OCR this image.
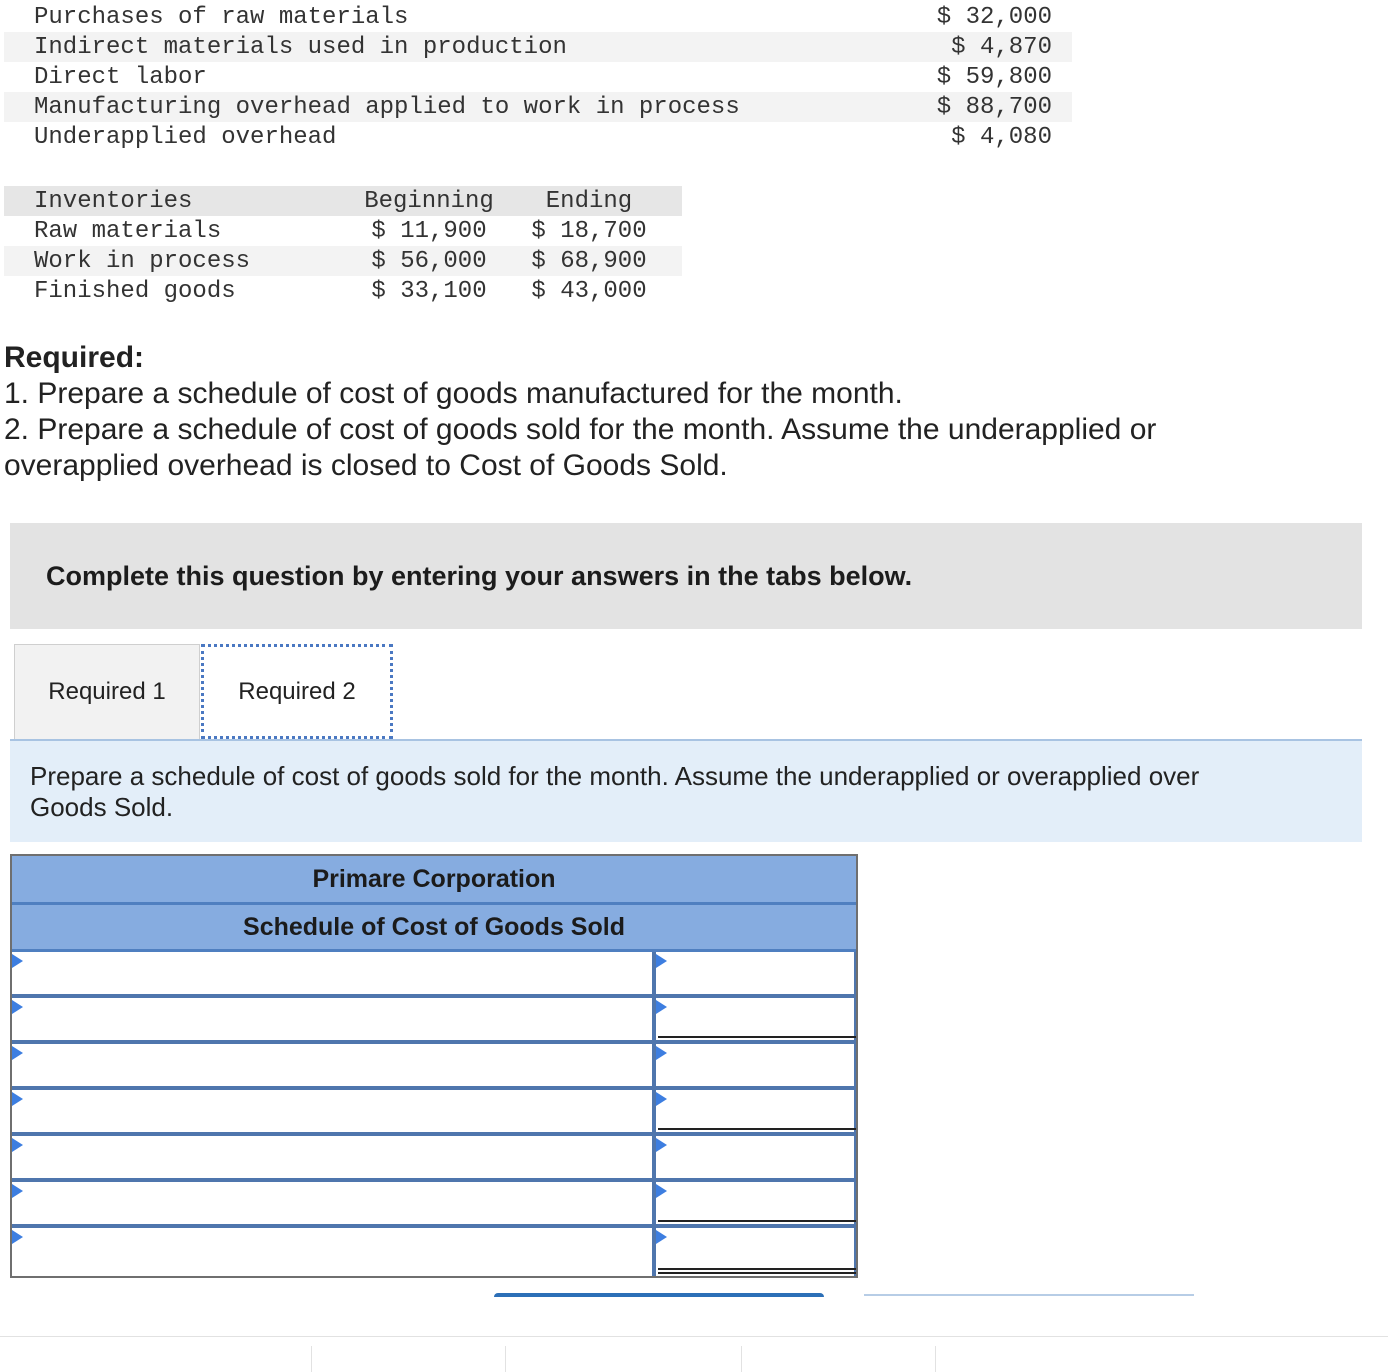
Purchases of raw materials	$ 32,000
Indirect materials used in production	$ 4,870
Direct labor	$ 59,800
Manufacturing overhead applied to work in process	$ 88,700
Underapplied overhead	$ 4,080
Inventories	Beginning	Ending
Raw materials	$ 11,900	$ 18,700
Work in process	$ 56,000	$ 68,900
Finished goods	$ 33,100	$ 43,000
Required:
1. Prepare a schedule of cost of goods manufactured for the month.
2. Prepare a schedule of cost of goods sold for the month. Assume the underapplied or
overapplied overhead is closed to Cost of Goods Sold.
Complete this question by entering your answers in the tabs below.
Required 1	Required 2
Prepare a schedule of cost of goods sold for the month. Assume the underapplied or overapplied over
Goods Sold.
Primare Corporation
Schedule of Cost of Goods Sold
